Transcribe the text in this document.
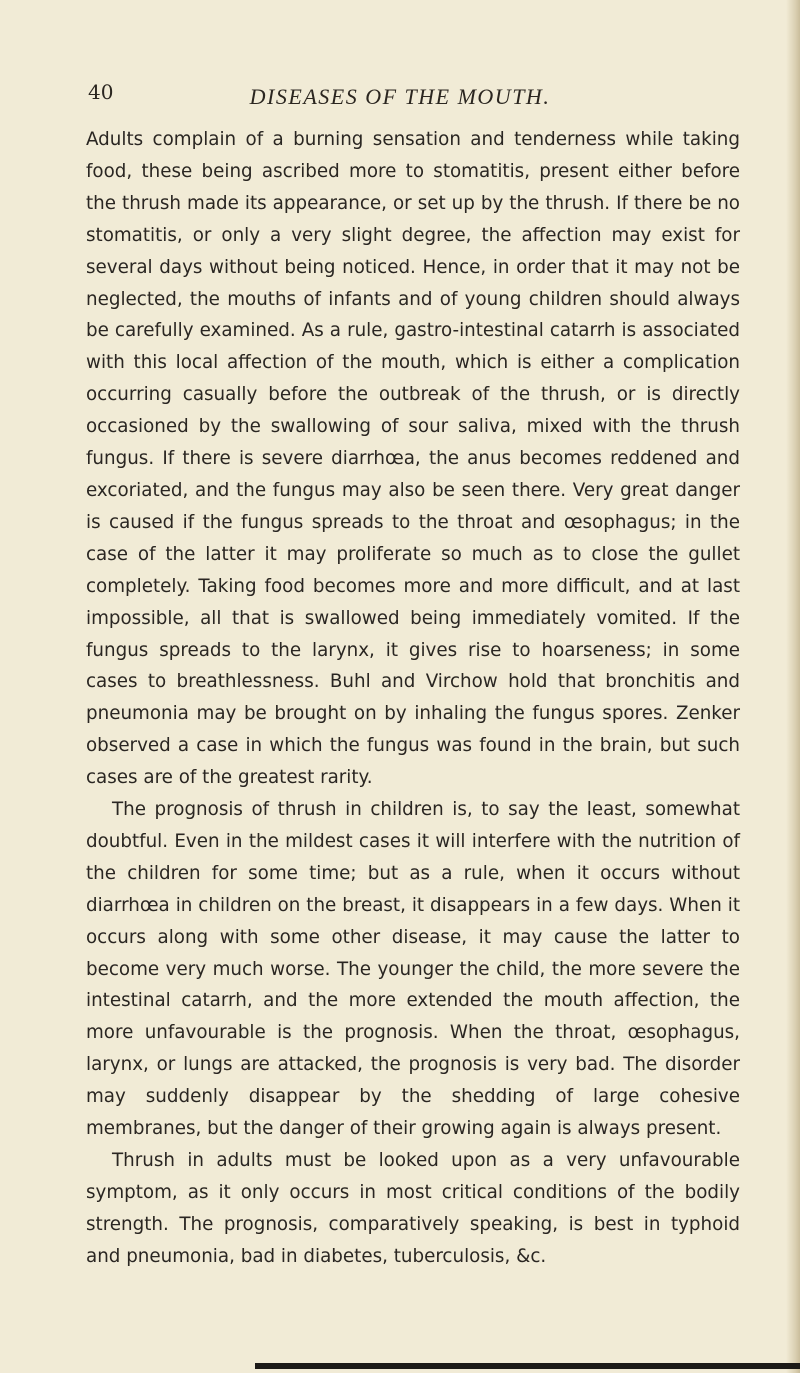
40	DISEASES OF THE MOUTH.

Adults complain of a burning sensation and tenderness while taking food, these being ascribed more to stomatitis, present either before the thrush made its appearance, or set up by the thrush. If there be no stomatitis, or only a very slight degree, the affection may exist for several days without being noticed. Hence, in order that it may not be neglected, the mouths of infants and of young children should always be carefully examined. As a rule, gastro-intestinal catarrh is associated with this local affection of the mouth, which is either a complication occurring casually before the outbreak of the thrush, or is directly occasioned by the swallowing of sour saliva, mixed with the thrush fungus. If there is severe diarrhœa, the anus becomes reddened and excoriated, and the fungus may also be seen there. Very great danger is caused if the fungus spreads to the throat and œsophagus; in the case of the latter it may proliferate so much as to close the gullet completely. Taking food becomes more and more difficult, and at last impossible, all that is swallowed being immediately vomited. If the fungus spreads to the larynx, it gives rise to hoarseness; in some cases to breathlessness. Buhl and Virchow hold that bronchitis and pneumonia may be brought on by inhaling the fungus spores. Zenker observed a case in which the fungus was found in the brain, but such cases are of the greatest rarity.

The prognosis of thrush in children is, to say the least, somewhat doubtful. Even in the mildest cases it will interfere with the nutrition of the children for some time; but as a rule, when it occurs without diarrhœa in children on the breast, it disappears in a few days. When it occurs along with some other disease, it may cause the latter to become very much worse. The younger the child, the more severe the intestinal catarrh, and the more extended the mouth affection, the more unfavourable is the prognosis. When the throat, œsophagus, larynx, or lungs are attacked, the prognosis is very bad. The disorder may suddenly disappear by the shedding of large cohesive membranes, but the danger of their growing again is always present.

Thrush in adults must be looked upon as a very unfavourable symptom, as it only occurs in most critical conditions of the bodily strength. The prognosis, comparatively speaking, is best in typhoid and pneumonia, bad in diabetes, tuberculosis, &c.
